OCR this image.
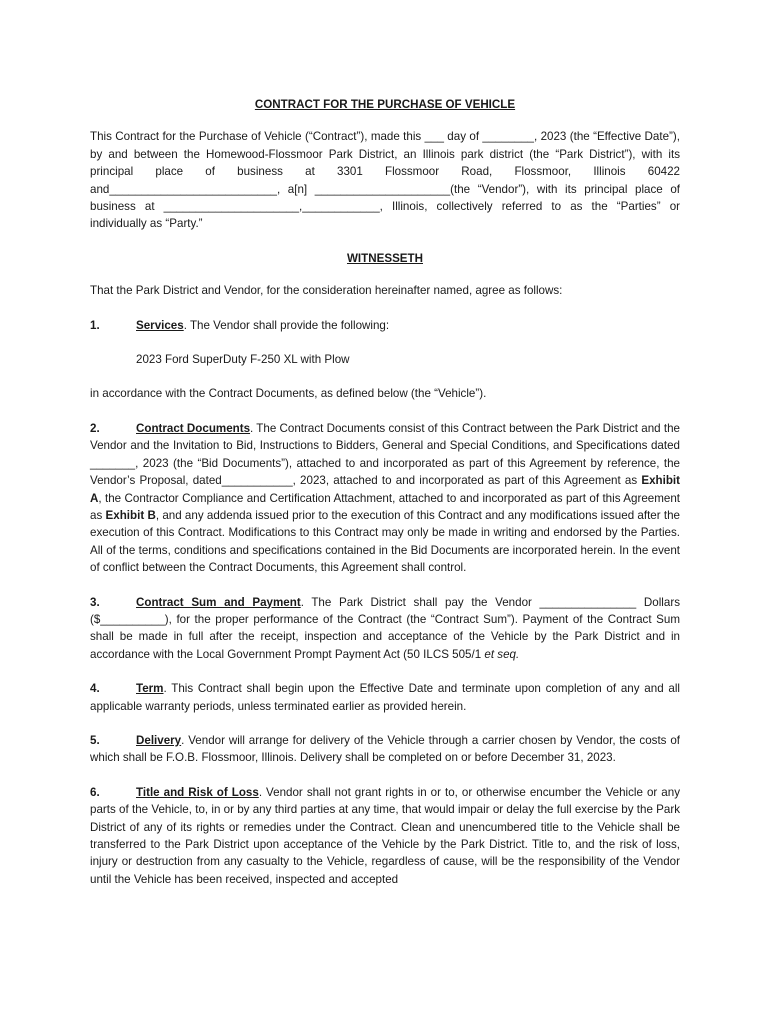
CONTRACT FOR THE PURCHASE OF VEHICLE

This Contract for the Purchase of Vehicle (“Contract”), made this ___ day of ________, 2023 (the “Effective Date”), by and between the Homewood-Flossmoor Park District, an Illinois park district (the “Park District”), with its principal place of business at 3301 Flossmoor Road, Flossmoor, Illinois 60422 and__________________________, a[n] _____________________(the “Vendor”), with its principal place of business at _____________________,____________, Illinois, collectively referred to as the “Parties” or individually as “Party.”

WITNESSETH

That the Park District and Vendor, for the consideration hereinafter named, agree as follows:

1.	Services. The Vendor shall provide the following:

2023 Ford SuperDuty F-250 XL with Plow

in accordance with the Contract Documents, as defined below (the “Vehicle”).

2.	Contract Documents. The Contract Documents consist of this Contract between the Park District and the Vendor and the Invitation to Bid, Instructions to Bidders, General and Special Conditions, and Specifications dated _______, 2023 (the “Bid Documents”), attached to and incorporated as part of this Agreement by reference, the Vendor’s Proposal, dated___________, 2023, attached to and incorporated as part of this Agreement as Exhibit A, the Contractor Compliance and Certification Attachment, attached to and incorporated as part of this Agreement as Exhibit B, and any addenda issued prior to the execution of this Contract and any modifications issued after the execution of this Contract. Modifications to this Contract may only be made in writing and endorsed by the Parties. All of the terms, conditions and specifications contained in the Bid Documents are incorporated herein. In the event of conflict between the Contract Documents, this Agreement shall control.

3.	Contract Sum and Payment. The Park District shall pay the Vendor _______________ Dollars ($__________), for the proper performance of the Contract (the “Contract Sum”). Payment of the Contract Sum shall be made in full after the receipt, inspection and acceptance of the Vehicle by the Park District and in accordance with the Local Government Prompt Payment Act (50 ILCS 505/1 et seq.

4.	Term. This Contract shall begin upon the Effective Date and terminate upon completion of any and all applicable warranty periods, unless terminated earlier as provided herein.

5.	Delivery. Vendor will arrange for delivery of the Vehicle through a carrier chosen by Vendor, the costs of which shall be F.O.B. Flossmoor, Illinois. Delivery shall be completed on or before December 31, 2023.

6.	Title and Risk of Loss. Vendor shall not grant rights in or to, or otherwise encumber the Vehicle or any parts of the Vehicle, to, in or by any third parties at any time, that would impair or delay the full exercise by the Park District of any of its rights or remedies under the Contract. Clean and unencumbered title to the Vehicle shall be transferred to the Park District upon acceptance of the Vehicle by the Park District. Title to, and the risk of loss, injury or destruction from any casualty to the Vehicle, regardless of cause, will be the responsibility of the Vendor until the Vehicle has been received, inspected and accepted
